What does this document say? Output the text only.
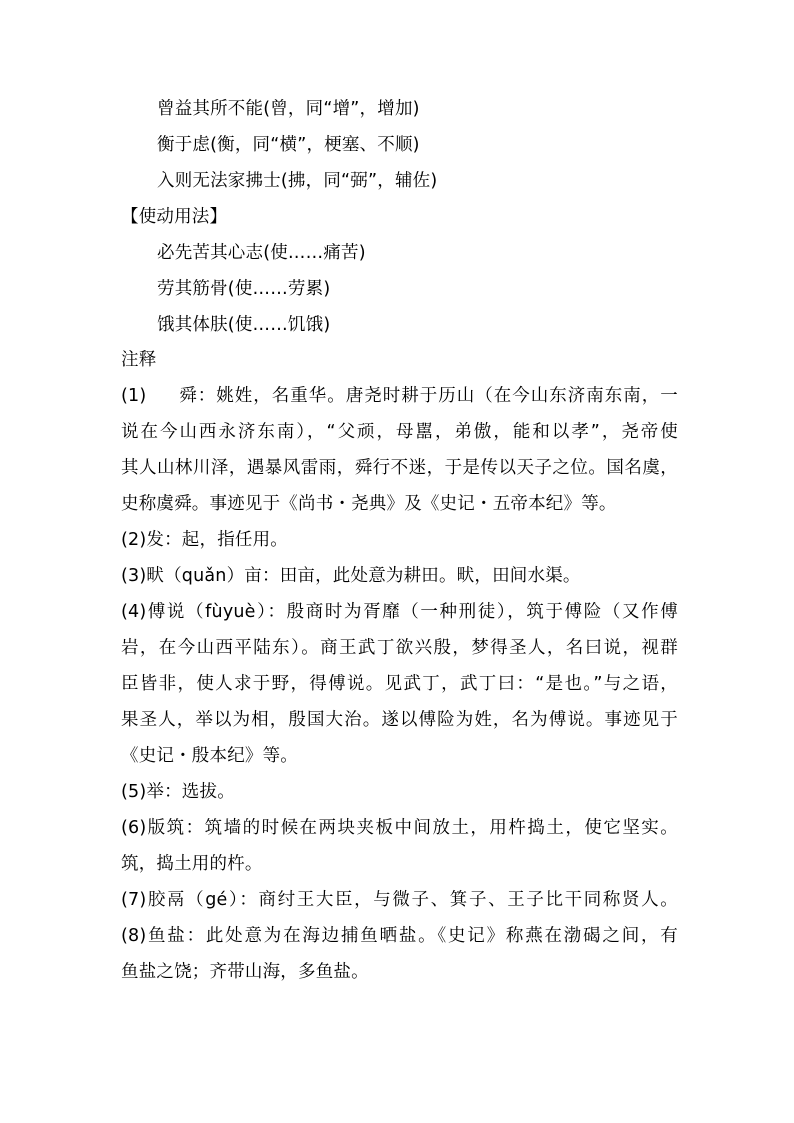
曾益其所不能(曾，同“增”，增加)
衡于虑(衡，同“横”，梗塞、不顺)
入则无法家拂士(拂，同“弼”，辅佐)
【使动用法】
必先苦其心志(使……痛苦)
劳其筋骨(使……劳累)
饿其体肤(使……饥饿)
注释
(1)     舜：姚姓，名重华。唐尧时耕于历山（在今山东济南东南，一
说在今山西永济东南），“父顽，母嚚，弟傲，能和以孝”，尧帝使
其人山林川泽，遇暴风雷雨，舜行不迷，于是传以天子之位。国名虞，
史称虞舜。事迹见于《尚书・尧典》及《史记・五帝本纪》等。
(2)发：起，指任用。
(3)畎（quǎn）亩：田亩，此处意为耕田。畎，田间水渠。
(4)傅说（fùyuè）：殷商时为胥靡（一种刑徒），筑于傅险（又作傅
岩，在今山西平陆东）。商王武丁欲兴殷，梦得圣人，名曰说，视群
臣皆非，使人求于野，得傅说。见武丁，武丁曰：“是也。”与之语，
果圣人，举以为相，殷国大治。遂以傅险为姓，名为傅说。事迹见于
《史记・殷本纪》等。
(5)举：选拔。
(6)版筑：筑墙的时候在两块夹板中间放土，用杵捣土，使它坚实。
筑，捣土用的杵。
(7)胶鬲（gé）：商纣王大臣，与微子、箕子、王子比干同称贤人。
(8)鱼盐：此处意为在海边捕鱼晒盐。《史记》称燕在渤碣之间，有
鱼盐之饶；齐带山海，多鱼盐。
